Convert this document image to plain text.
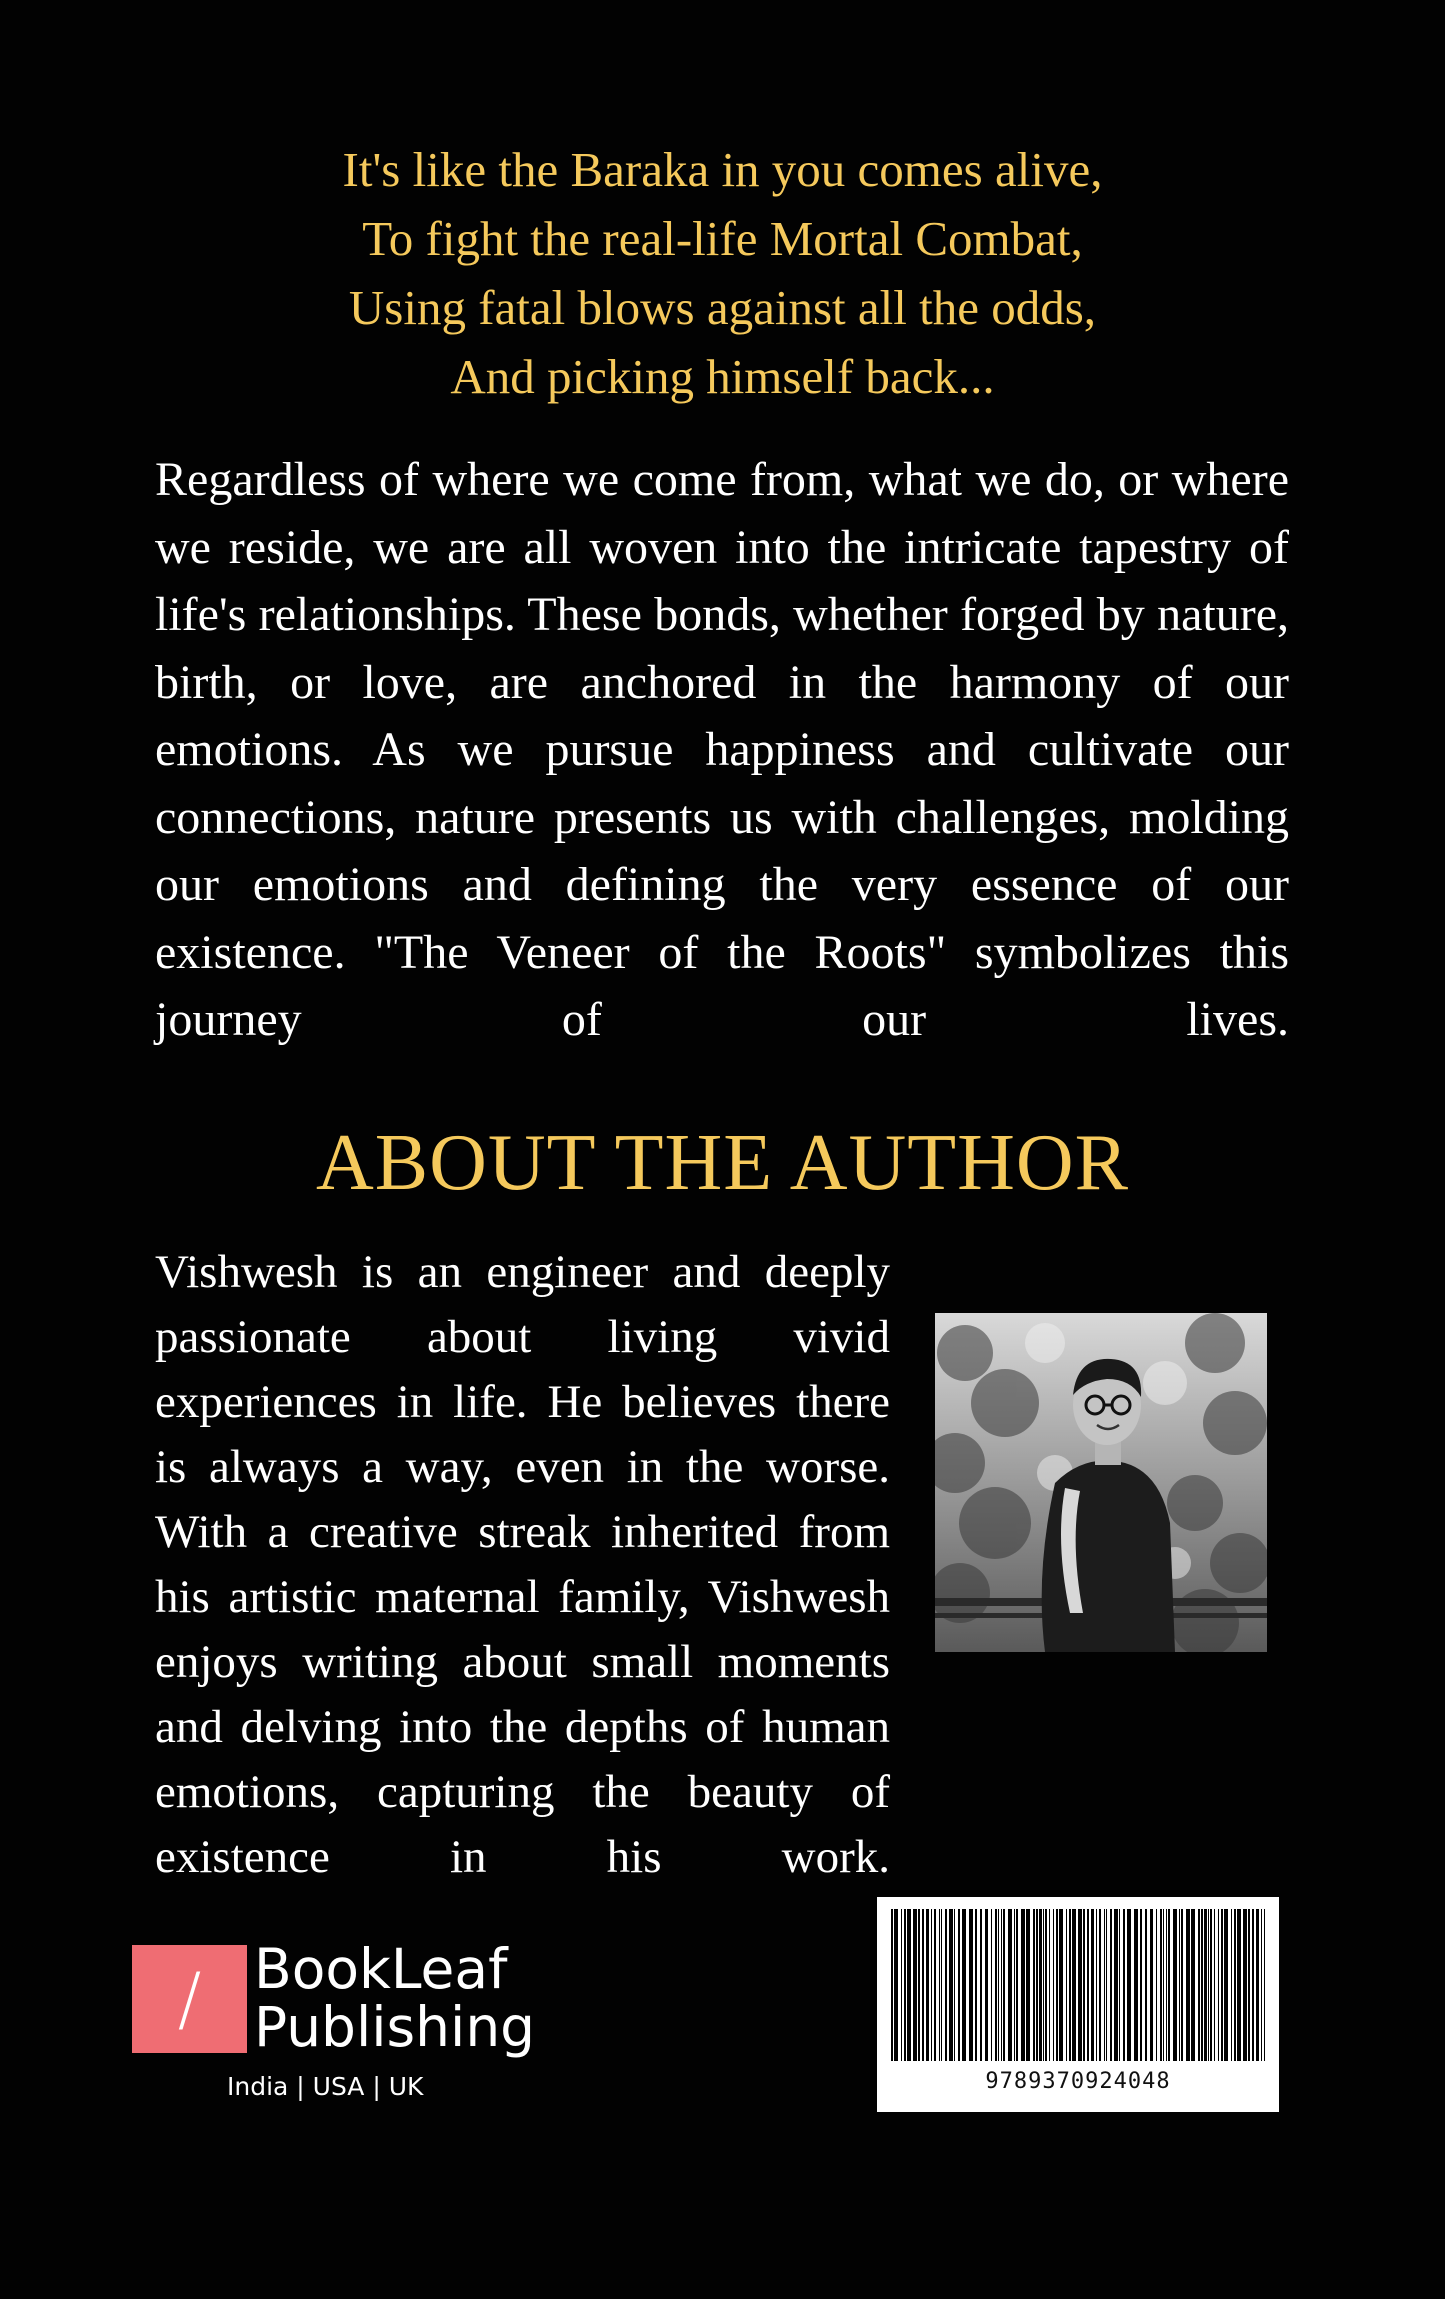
It's like the Baraka in you comes alive,
To fight the real-life Mortal Combat,
Using fatal blows against all the odds,
And picking himself back...
Regardless of where we come from, what we do, or where we reside, we are all woven into the intricate tapestry of life's relationships. These bonds, whether forged by nature, birth, or love, are anchored in the harmony of our emotions. As we pursue happiness and cultivate our connections, nature presents us with challenges, molding our emotions and defining the very essence of our existence. "The Veneer of the Roots" symbolizes this journey of our lives.
ABOUT THE AUTHOR
Vishwesh is an engineer and deeply passionate about living vivid experiences in life. He believes there is always a way, even in the worse. With a creative streak inherited from his artistic maternal family, Vishwesh enjoys writing about small moments and delving into the depths of human emotions, capturing the beauty of existence in his work.
/ BookLeaf
Publishing
India | USA | UK	9789370924048
